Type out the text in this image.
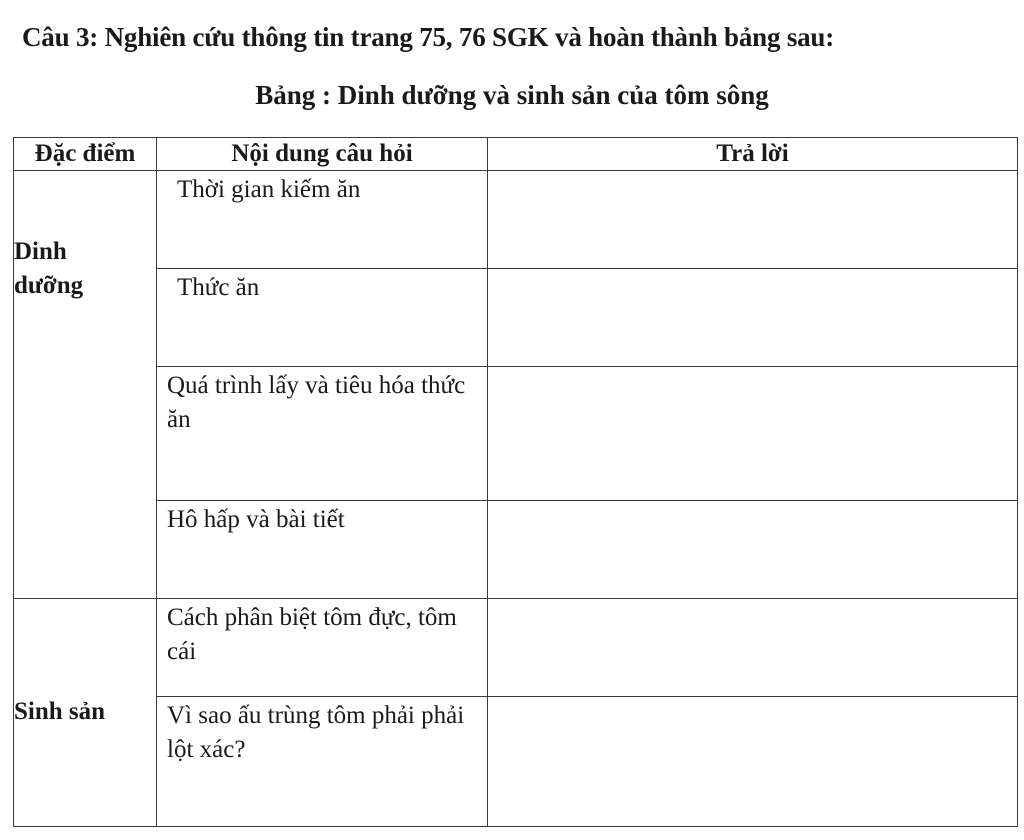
Câu 3: Nghiên cứu thông tin trang 75, 76 SGK và hoàn thành bảng sau:
Bảng : Dinh dưỡng và sinh sản của tôm sông
Đặc điểm	Nội dung câu hỏi	Trả lời

Dinh dưỡng	Thời gian kiếm ăn	

	Thức ăn	

	Quá trình lấy và tiêu hóa thức ăn	

	Hô hấp và bài tiết	

Sinh sản	Cách phân biệt tôm đực, tôm cái	

	Vì sao ấu trùng tôm phải phải lột xác?	
